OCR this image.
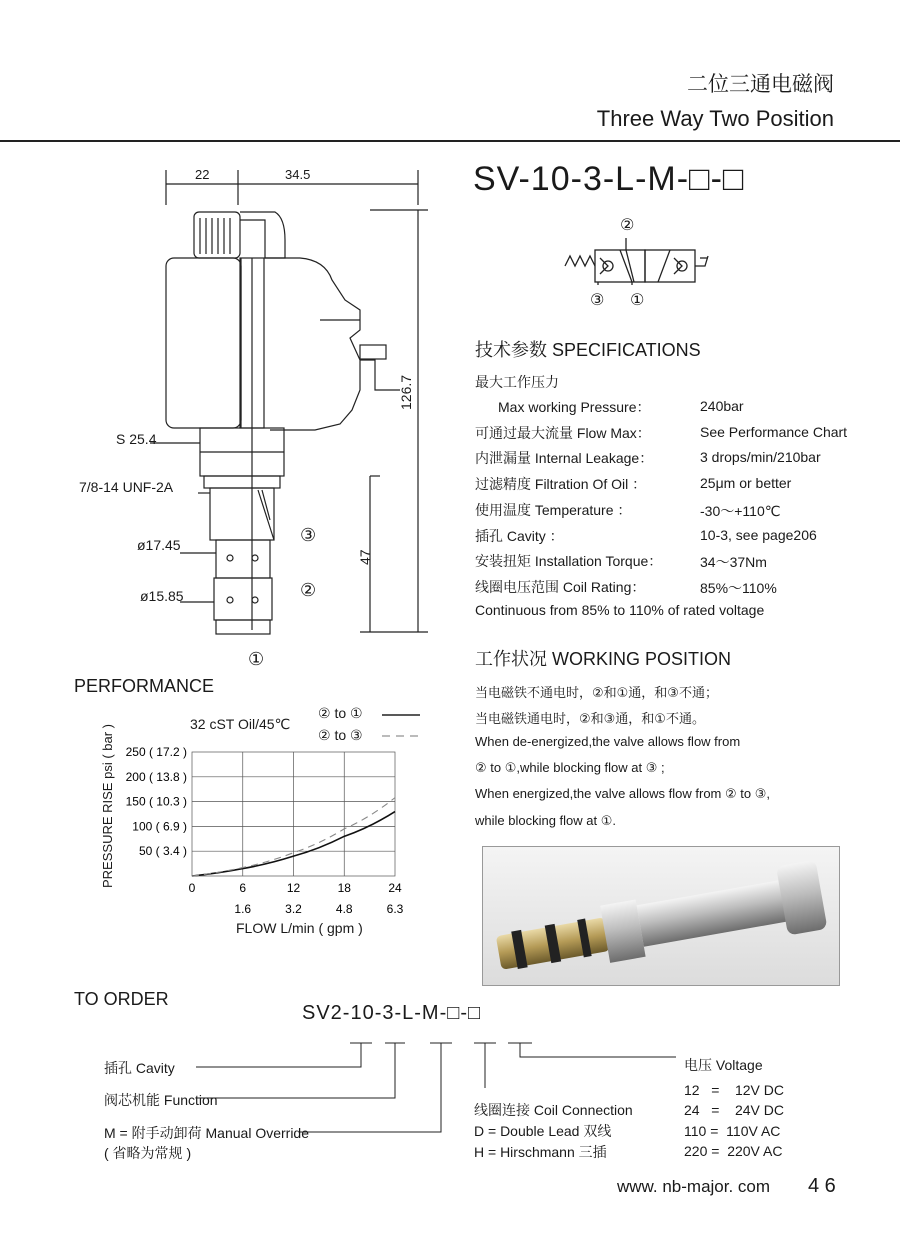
二位三通电磁阀
Three Way Two Position
SV-10-3-L-M-□-□
22	34.5
126.7
47
S 25.4
7/8-14 UNF-2A
ø17.45
ø15.85
③
②
①
②
③ ①
技术参数 SPECIFICATIONS
最大工作压力
Max working Pressure：	240bar
可通过最大流量 Flow Max：	See Performance Chart
内泄漏量 Internal Leakage：	3 drops/min/210bar
过滤精度 Filtration Of Oil ：	25μm or better
使用温度 Temperature ：	-30～+110℃
插孔 Cavity ：	10-3, see page206
安装扭矩 Installation Torque：	34～37Nm
线圈电压范围 Coil Rating：	85%～110%
Continuous from 85% to 110% of rated voltage
工作状况 WORKING POSITION
当电磁铁不通电时，②和①通，和③不通；
当电磁铁通电时，②和③通，和①不通。
When de-energized,the valve allows flow from
② to ①,while blocking flow at ③ ;
When energized,the valve allows flow from ② to ③,
while blocking flow at ①.
PERFORMANCE
32 cST Oil/45℃
② to ①
② to ③
PRESSURE RISE psi ( bar )
FLOW L/min ( gpm )
250 ( 17.2 )
200 ( 13.8 )
150 ( 10.3 )
100 ( 6.9 )
50 ( 3.4 )
0	6	12	18	24
1.6	3.2	4.8	6.3
TO ORDER
SV2-10-3-L-M-□-□
插孔 Cavity
阀芯机能 Function
M = 附手动卸荷 Manual Override
( 省略为常规 )
线圈连接 Coil Connection
D = Double Lead 双线
H = Hirschmann 三插
电压 Voltage
12   =    12V DC
24   =    24V DC
110 =  110V AC
220 =  220V AC
www. nb-major. com 4 6
